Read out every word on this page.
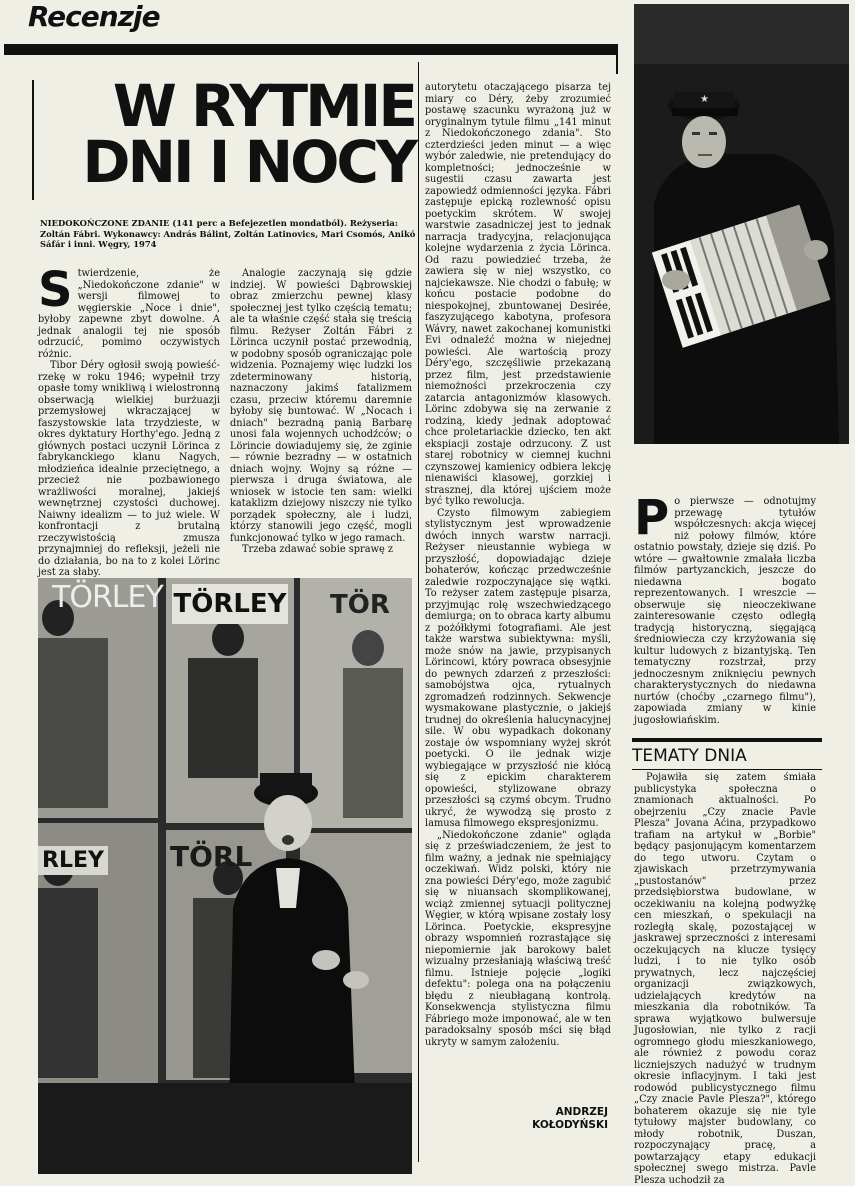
Recenzje
W RYTMIE
DNI I NOCY
NIEDOKOŃCZONE ZDANIE (141 perc a Befejezetlen mondatból). Reżyseria: Zoltán Fábri. Wykonawcy: András Bálint, Zoltán Latinovics, Mari Csomós, Anikó Sáfár i inni. Węgry, 1974
S twierdzenie, że „Niedokończone zdanie" w wersji filmowej to węgierskie „Noce i dnie", byłoby zapewne zbyt dowolne. A jednak analogii tej nie sposób odrzucić, pomimo oczywistych różnic.

Tibor Déry ogłosił swoją powieść-rzekę w roku 1946; wypełnił trzy opasłe tomy wnikliwą i wielostronną obserwacją wielkiej burżuazji przemysłowej wkraczającej w faszystowskie lata trzydzieste, w okres dyktatury Horthy'ego. Jedną z głównych postaci uczynił Lörinca z fabrykanckiego klanu Nagych, młodzieńca idealnie przeciętnego, a przecież nie pozbawionego wrażliwości moralnej, jakiejś wewnętrznej czystości duchowej. Naiwny idealizm — to już wiele. W konfrontacji z brutalną rzeczywistością zmusza przynajmniej do refleksji, jeżeli nie do działania, bo na to z kolei Lörinc jest za słaby.

Analogie zaczynają się gdzie indziej. W powieści Dąbrowskiej obraz zmierzchu pewnej klasy społecznej jest tylko częścią tematu; ale ta właśnie część stała się treścią filmu. Reżyser Zoltán Fábri z Lörinca uczynił postać przewodnią, w podobny sposób ograniczając pole widzenia. Poznajemy więc ludzki los zdeterminowany historią, naznaczony jakimś fatalizmem czasu, przeciw któremu daremnie byłoby się buntować. W „Nocach i dniach" bezradną panią Barbarę unosi fala wojennych uchodźców; o Lörincie dowiadujemy się, że zginie — równie bezradny — w ostatnich dniach wojny. Wojny są różne — pierwsza i druga światowa, ale wniosek w istocie ten sam: wielki kataklizm dziejowy niszczy nie tylko porządek społeczny, ale i ludzi, którzy stanowili jego część, mogli funkcjonować tylko w jego ramach.

Trzeba zdawać sobie sprawę z

autorytetu otaczającego pisarza tej miary co Déry, żeby zrozumieć postawę szacunku wyrażoną już w oryginalnym tytule filmu „141 minut z Niedokończonego zdania". Sto czterdzieści jeden minut — a więc wybór zaledwie, nie pretendujący do kompletności; jednocześnie w sugestii czasu zawarta jest zapowiedź odmienności języka. Fábri zastępuje epicką rozlewność opisu poetyckim skrótem. W swojej warstwie zasadniczej jest to jednak narracja tradycyjna, relacjonująca kolejne wydarzenia z życia Lörinca. Od razu powiedzieć trzeba, że zawiera się w niej wszystko, co najciekawsze. Nie chodzi o fabułę; w końcu postacie podobne do niespokojnej, zbuntowanej Desirée, faszyzującego kabotyna, profesora Wávry, nawet zakochanej komunistki Evi odnaleźć można w niejednej powieści. Ale wartością prozy Déry'ego, szczęśliwie przekazaną przez film, jest przedstawienie niemożności przekroczenia czy zatarcia antagonizmów klasowych. Lörinc zdobywa się na zerwanie z rodziną, kiedy jednak adoptować chce proletariackie dziecko, ten akt ekspiacji zostaje odrzucony. Z ust starej robotnicy w ciemnej kuchni czynszowej kamienicy odbiera lekcję nienawiści klasowej, gorzkiej i strasznej, dla której ujściem może być tylko rewolucja.

Czysto filmowym zabiegiem stylistycznym jest wprowadzenie dwóch innych warstw narracji. Reżyser nieustannie wybiega w przyszłość, dopowiadając dzieje bohaterów, kończąc przedwcześnie zaledwie rozpoczynające się wątki. To reżyser zatem zastępuje pisarza, przyjmując rolę wszechwiedzącego demiurga; on to obraca karty albumu z pożółkłymi fotografiami. Ale jest także warstwa subiektywna: myśli, może snów na jawie, przypisanych Lörincowi, który powraca obsesyjnie do pewnych zdarzeń z przeszłości: samobójstwa ojca, rytualnych zgromadzeń rodzinnych. Sekwencje wysmakowane plastycznie, o jakiejś trudnej do określenia halucynacyjnej sile. W obu wypadkach dokonany zostaje ów wspomniany wyżej skrót poetycki. O ile jednak wizje wybiegające w przyszłość nie kłócą się z epickim charakterem opowieści, stylizowane obrazy przeszłości są czymś obcym. Trudno ukryć, że wywodzą się prosto z lamusa filmowego ekspresjonizmu.

„Niedokończone zdanie" ogląda się z przeświadczeniem, że jest to film ważny, a jednak nie spełniający oczekiwań. Widz polski, który nie zna powieści Déry'ego, może zagubić się w niuansach skomplikowanej, wciąż zmiennej sytuacji politycznej Węgier, w którą wpisane zostały losy Lörinca. Poetyckie, ekspresyjne obrazy wspomnień rozrastające się niepomiernie jak barokowy balet wizualny przesłaniają właściwą treść filmu. Istnieje pojęcie „logiki defektu": polega ona na połączeniu błędu z nieubłaganą kontrolą. Konsekwencja stylistyczna filmu Fábriego może imponować, ale w ten paradoksalny sposób mści się błąd ukryty w samym założeniu.

ANDRZEJ
KOŁODYŃSKI
★
P o pierwsze — odnotujmy przewagę tytułów współczesnych: akcja więcej niż połowy filmów, które ostatnio powstały, dzieje się dziś. Po wtóre — gwałtownie zmalała liczba filmów partyzanckich, jeszcze do niedawna bogato reprezentowanych. I wreszcie — obserwuje się nieoczekiwane zainteresowanie często odległą tradycją historyczną, sięgającą średniowiecza czy krzyżowania się kultur ludowych z bizantyjską. Ten tematyczny rozstrzał, przy jednoczesnym zniknięciu pewnych charakterystycznych do niedawna nurtów (choćby „czarnego filmu"), zapowiada zmiany w kinie jugosłowiańskim.

TEMATY DNIA

Pojawiła się zatem śmiała publicystyka społeczna o znamionach aktualności. Po obejrzeniu „Czy znacie Pavle Plesza" Jovana Aćina, przypadkowo trafiam na artykuł w „Borbie" będący pasjonującym komentarzem do tego utworu. Czytam o zjawiskach przetrzymywania „pustostanów" przez przedsiębiorstwa budowlane, w oczekiwaniu na kolejną podwyżkę cen mieszkań, o spekulacji na rozległą skalę, pozostającej w jaskrawej sprzeczności z interesami oczekujących na klucze tysięcy ludzi, i to nie tylko osób prywatnych, lecz najczęściej organizacji związkowych, udzielających kredytów na mieszkania dla robotników. Ta sprawa wyjątkowo bulwersuje Jugosłowian, nie tylko z racji ogromnego głodu mieszkaniowego, ale również z powodu coraz liczniejszych nadużyć w trudnym okresie inflacyjnym. I taki jest rodowód publicystycznego filmu „Czy znacie Pavle Plesza?", którego bohaterem okazuje się nie tyle tytułowy majster budowlany, co młody robotnik, Duszan, rozpoczynający pracę, a powtarzający etapy edukacji społecznej swego mistrza. Pavle Plesza uchodził za

TÖRLEY TÖR
TÖRL
RLEY
TÖRLEY
